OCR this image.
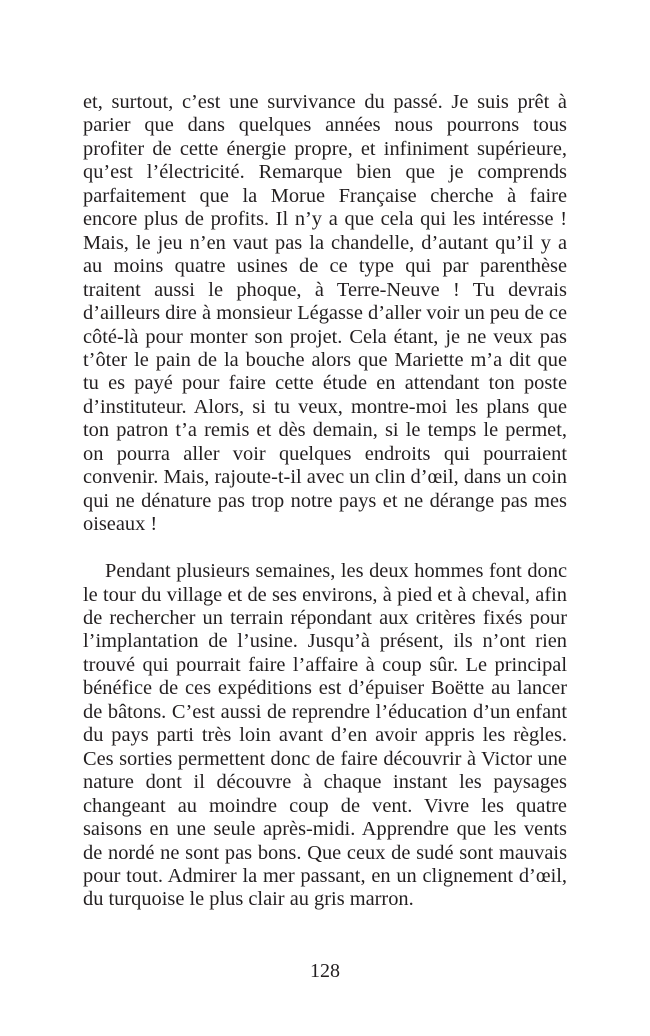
et, surtout, c’est une survivance du passé. Je suis prêt à parier que dans quelques années nous pourrons tous profiter de cette énergie propre, et infiniment supérieure, qu’est l’électricité. Remarque bien que je comprends parfaitement que la Morue Française cherche à faire encore plus de profits. Il n’y a que cela qui les intéresse ! Mais, le jeu n’en vaut pas la chandelle, d’autant qu’il y a au moins quatre usines de ce type qui par parenthèse traitent aussi le phoque, à Terre-Neuve ! Tu devrais d’ailleurs dire à monsieur Légasse d’aller voir un peu de ce côté-là pour monter son projet. Cela étant, je ne veux pas t’ôter le pain de la bouche alors que Mariette m’a dit que tu es payé pour faire cette étude en attendant ton poste d’instituteur. Alors, si tu veux, montre-moi les plans que ton patron t’a remis et dès demain, si le temps le permet, on pourra aller voir quelques endroits qui pourraient convenir. Mais, rajoute-t-il avec un clin d’œil, dans un coin qui ne dénature pas trop notre pays et ne dérange pas mes oiseaux !

Pendant plusieurs semaines, les deux hommes font donc le tour du village et de ses environs, à pied et à cheval, afin de rechercher un terrain répondant aux critères fixés pour l’implantation de l’usine. Jusqu’à présent, ils n’ont rien trouvé qui pourrait faire l’affaire à coup sûr. Le principal bénéfice de ces expéditions est d’épuiser Boëtte au lancer de bâtons. C’est aussi de reprendre l’éducation d’un enfant du pays parti très loin avant d’en avoir appris les règles. Ces sorties permettent donc de faire découvrir à Victor une nature dont il découvre à chaque instant les paysages changeant au moindre coup de vent. Vivre les quatre saisons en une seule après-midi. Apprendre que les vents de nordé ne sont pas bons. Que ceux de sudé sont mauvais pour tout. Admirer la mer passant, en un clignement d’œil, du turquoise le plus clair au gris marron.

128
